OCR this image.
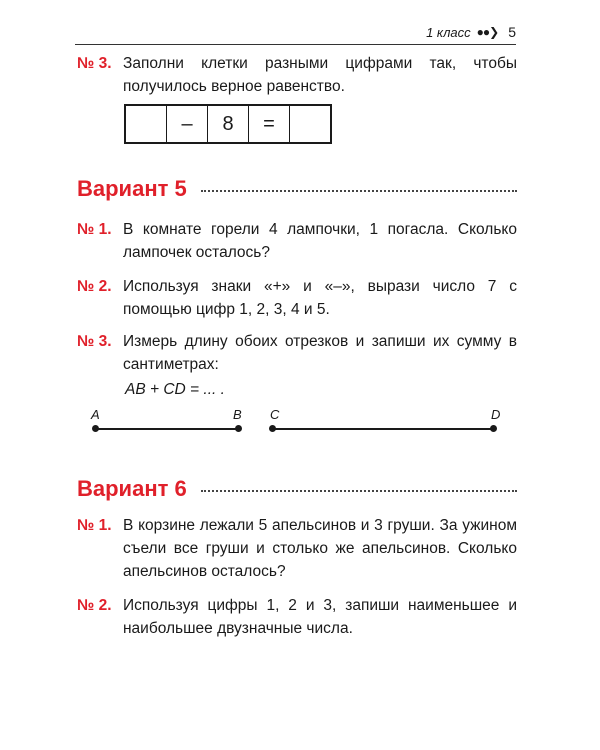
1 класс ●●❯ 5
№ 3. Заполни клетки разными цифрами так, чтобы получилось верное равенство.
–	8	=
Вариант 5
№ 1. В комнате горели 4 лампочки, 1 погасла. Сколько лампочек осталось?
№ 2. Используя знаки «+» и «–», вырази число 7 с помощью цифр 1, 2, 3, 4 и 5.
№ 3. Измерь длину обоих отрезков и запиши их сумму в сантиметрах:
AB + CD = ... .
A	B C	D
Вариант 6
№ 1. В корзине лежали 5 апельсинов и 3 груши. За ужином съели все груши и столько же апельсинов. Сколько апельсинов осталось?
№ 2. Используя цифры 1, 2 и 3, запиши наименьшее и наибольшее двузначные числа.
